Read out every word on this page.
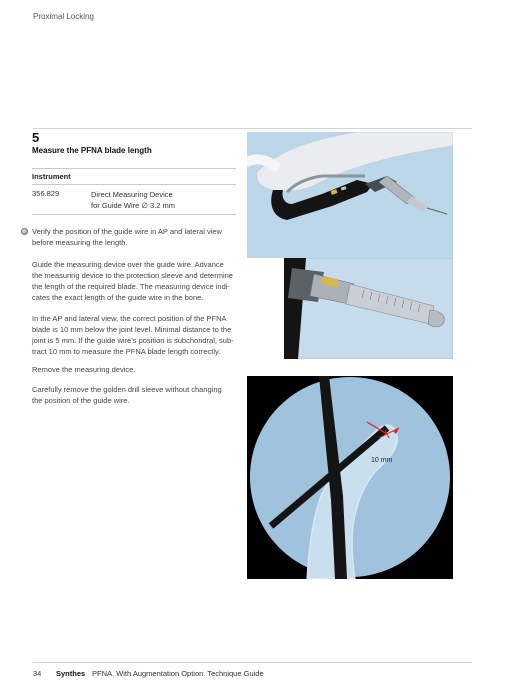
Proximal Locking
5
Measure the PFNA blade length
Instrument
356.829	Direct Measuring Device
for Guide Wire ∅ 3.2 mm
Verify the position of the guide wire in AP and lateral view
before measuring the length.
Guide the measuring device over the guide wire. Advance
the measuring device to the protection sleeve and determine
the length of the required blade. The measuring device indi-
cates the exact length of the guide wire in the bone.
In the AP and lateral view, the correct position of the PFNA
blade is 10 mm below the joint level. Minimal distance to the
joint is 5 mm. If the guide wire’s position is subchondral, sub-
tract 10 mm to measure the PFNA blade length correctly.
Remove the measuring device.
Carefully remove the golden drill sleeve without changing
the position of the guide wire.
10 mm
34 Synthes PFNA. With Augmentation Option. Technique Guide
